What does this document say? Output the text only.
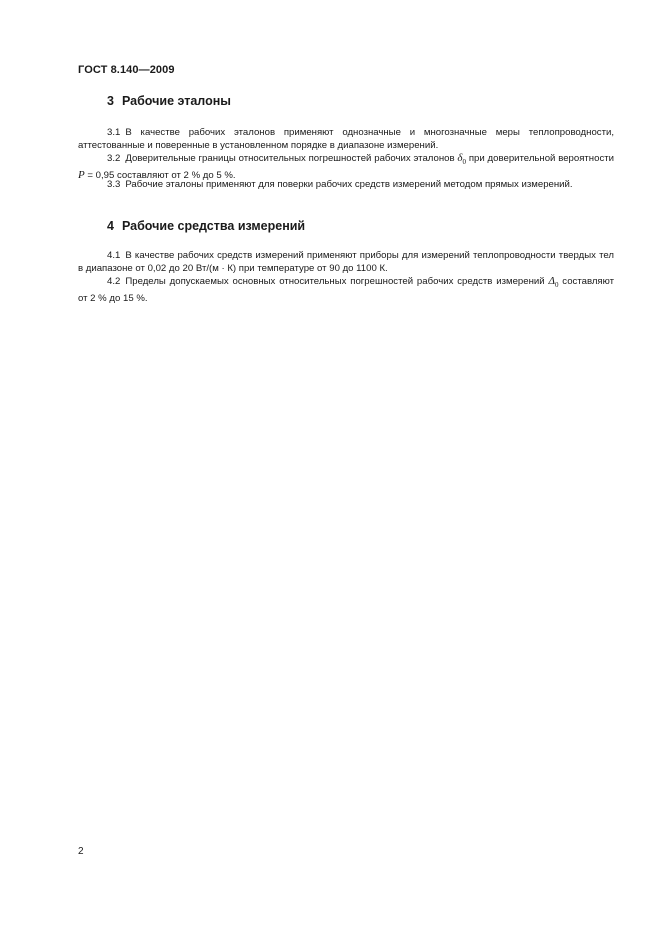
ГОСТ 8.140—2009
3 Рабочие эталоны

3.1 В качестве рабочих эталонов применяют однозначные и многозначные меры теплопроводности, аттестованные и поверенные в установленном порядке в диапазоне измерений.

3.2 Доверительные границы относительных погрешностей рабочих эталонов $\delta_0$ при доверительной вероятности P = 0,95 составляют от 2 % до 5 %.

3.3 Рабочие эталоны применяют для поверки рабочих средств измерений методом прямых измерений.

4 Рабочие средства измерений

4.1 В качестве рабочих средств измерений применяют приборы для измерений теплопроводности твердых тел в диапазоне от 0,02 до 20 Вт/(м · К) при температуре от 90 до 1100 К.

4.2 Пределы допускаемых основных относительных погрешностей рабочих средств измерений $\Delta_0$ составляют от 2 % до 15 %.

2
